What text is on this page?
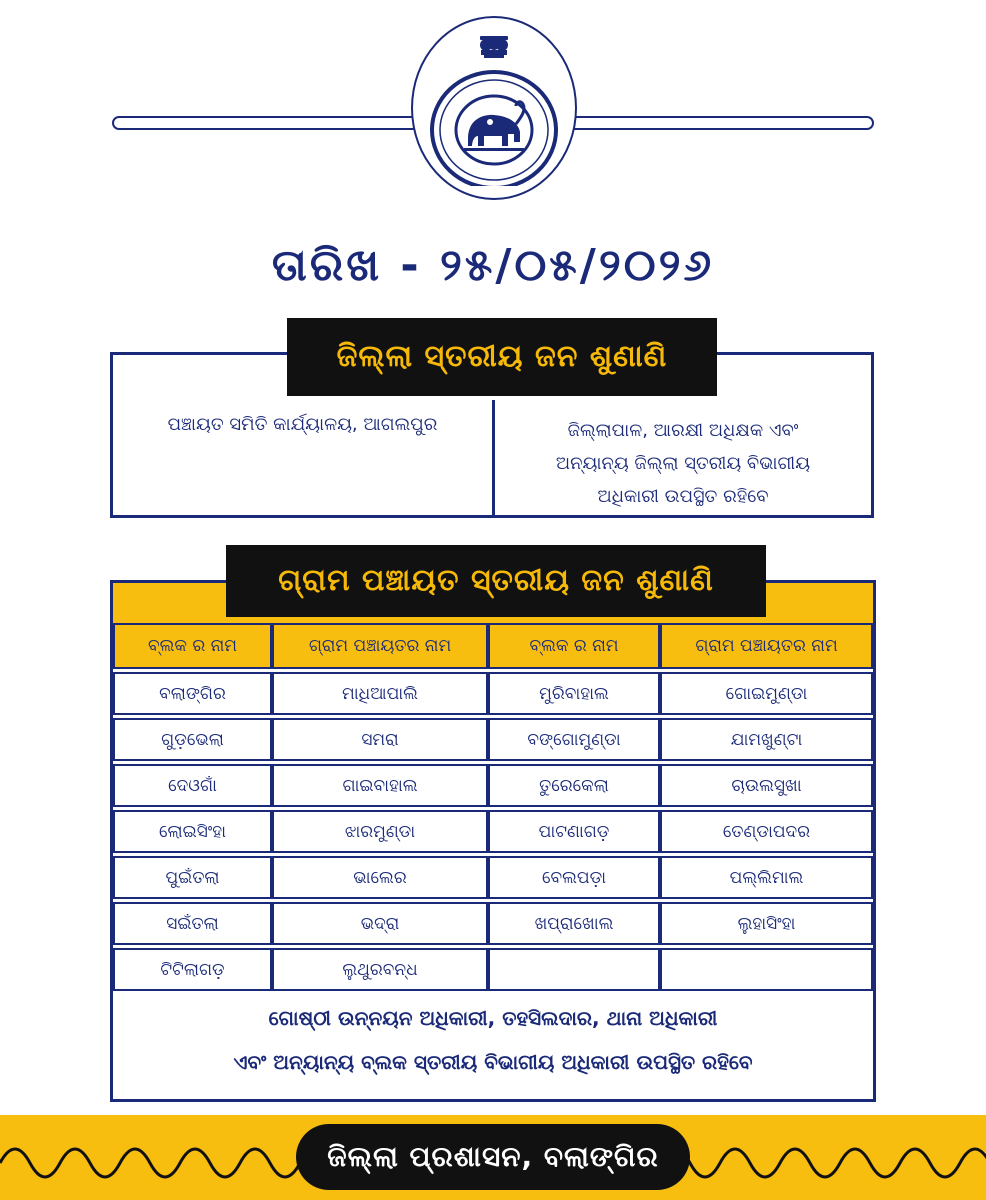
ତାରିଖ - ୨୫/୦୫/୨୦୨୬
ଜିଲ୍ଲା ସ୍ତରୀୟ ଜନ ଶୁଣାଣି
ପଞ୍ଚାୟତ ସମିତି କାର୍ଯ୍ୟାଳୟ, ଆଗଲପୁର	ଜିଲ୍ଲାପାଳ, ଆରକ୍ଷୀ ଅଧିକ୍ଷକ ଏବଂ
ଅନ୍ୟାନ୍ୟ ଜିଲ୍ଲା ସ୍ତରୀୟ ବିଭାଗୀୟ
ଅଧିକାରୀ ଉପସ୍ଥିତ ରହିବେ
ଗ୍ରାମ ପଞ୍ଚାୟତ ସ୍ତରୀୟ ଜନ ଶୁଣାଣି
ବ୍ଲକ ର ନାମ	ଗ୍ରାମ ପଞ୍ଚାୟତର ନାମ	ବ୍ଲକ ର ନାମ	ଗ୍ରାମ ପଞ୍ଚାୟତର ନାମ
ବଲାଙ୍ଗିର	ମାଧିଆପାଲି	ମୁରିବାହାଲ	ଗୋଇମୁଣ୍ଡା
ଗୁଡ଼ଭେଲା	ସମରା	ବଙ୍ଗୋମୁଣ୍ଡା	ଯାମଖୁଣ୍ଟା
ଦେଓଗାଁ	ଗାଇବାହାଲ	ତୁରେକେଲା	ଚାଉଲସୁଖା
ଲୋଇସିଂହା	ଝାରମୁଣ୍ଡା	ପାଟଣାଗଡ଼	ତେଣ୍ଡାପଦର
ପୁଇଁତଲା	ଭାଲେର	ବେଲପଡ଼ା	ପଲ୍ଲିମାଲ
ସଇଁତଲା	ଭଦ୍ରା	ଖପ୍ରାଖୋଲ	ଲୁହାସିଂହା
ଟିଟିଲାଗଡ଼	ଲୁଥୁରବନ୍ଧ
ଗୋଷ୍ଠୀ ଉନ୍ନୟନ ଅଧିକାରୀ, ତହସିଲଦାର, ଥାନା ଅଧିକାରୀ
ଏବଂ ଅନ୍ୟାନ୍ୟ ବ୍ଲକ ସ୍ତରୀୟ ବିଭାଗୀୟ ଅଧିକାରୀ ଉପସ୍ଥିତ ରହିବେ
ଜିଲ୍ଲା ପ୍ରଶାସନ, ବଲାଙ୍ଗିର
